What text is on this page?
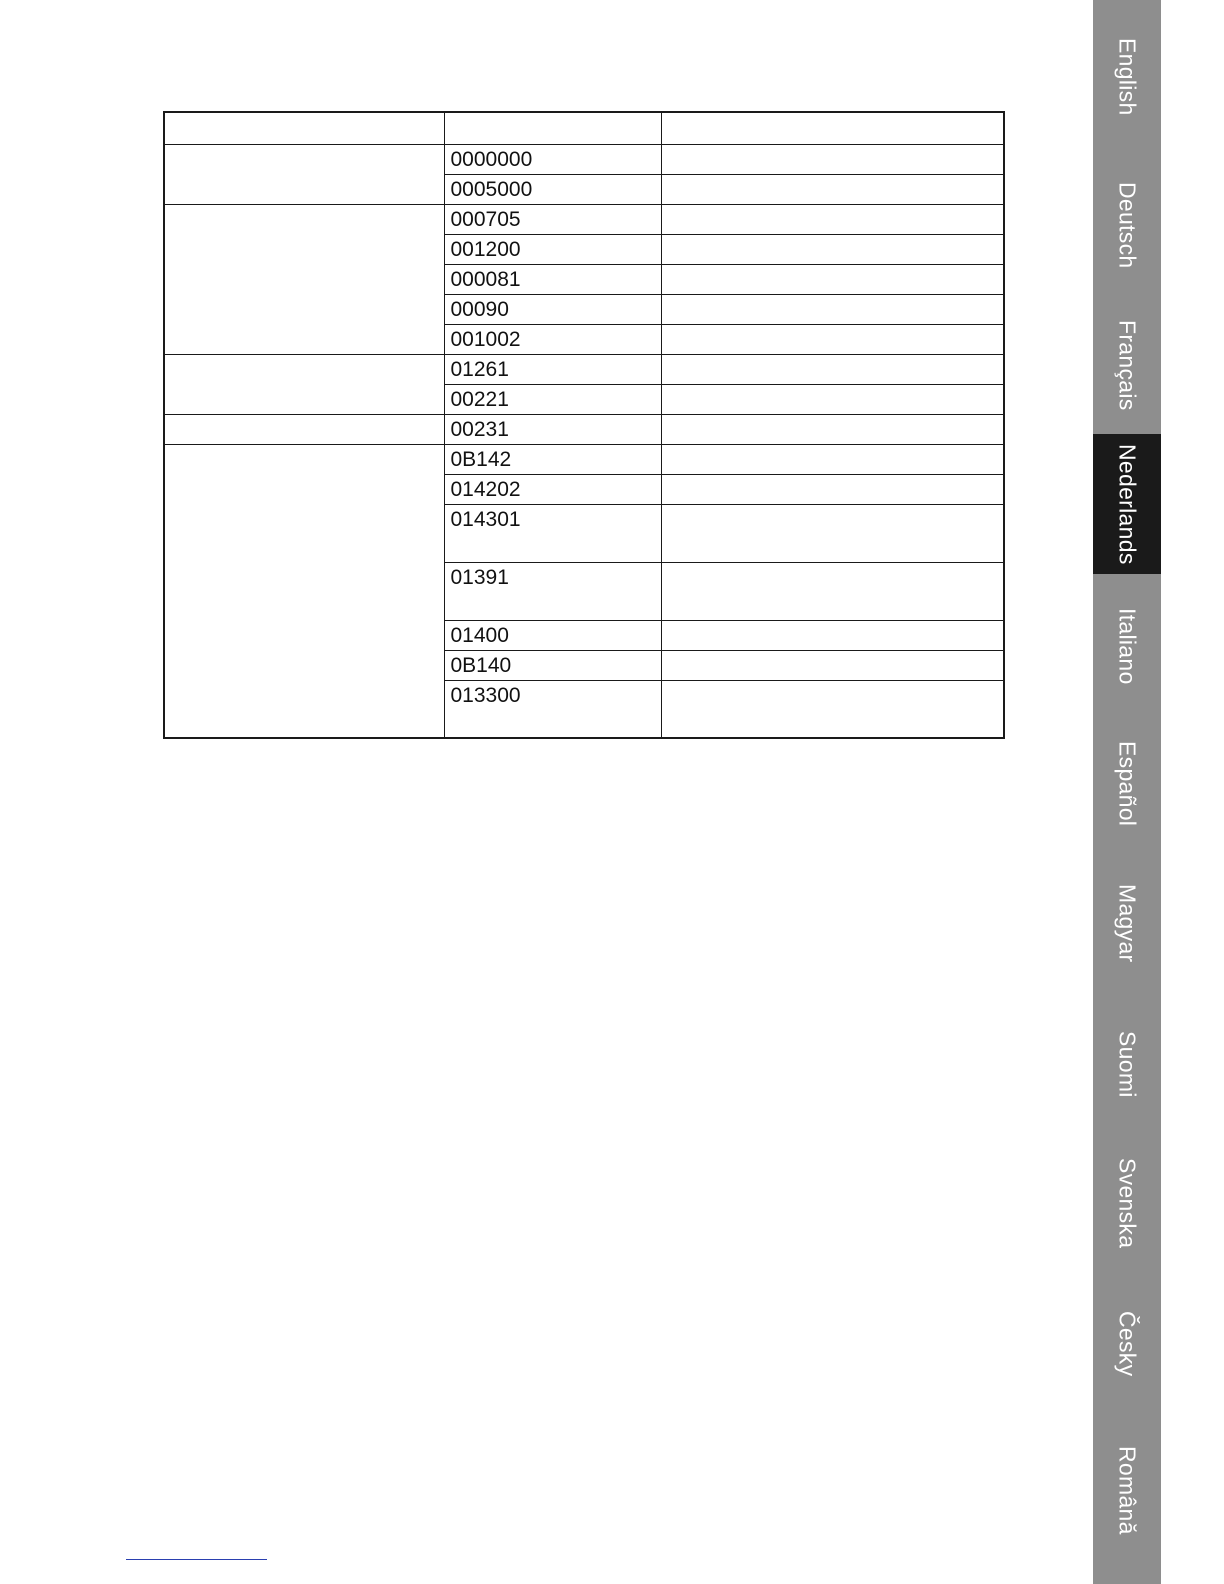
	0000000	
	0005000	
	000705	
	001200	
	000081	
	00090	
	001002	
	01261	
	00221	
	00231	
	0B142	
	014202	
	014301	
	01391	
	01400	
	0B140	
	013300	
English
Deutsch
Français
Nederlands
Italiano
Español
Magyar
Suomi
Svenska
Česky
Română
